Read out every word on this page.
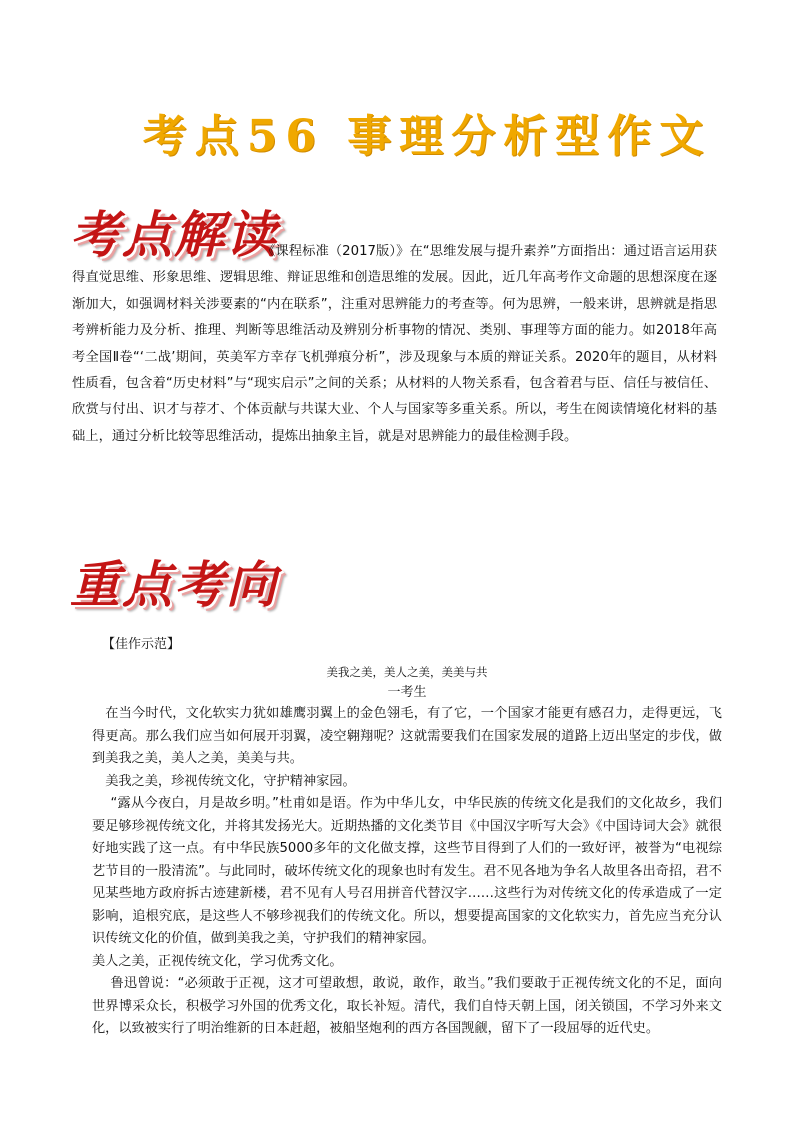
考点56 事理分析型作文
考点解读
《课程标准（2017版）》在“思维发展与提升素养”方面指出：通过语言运用获得直觉思维、形象思维、逻辑思维、辩证思维和创造思维的发展。因此，近几年高考作文命题的思想深度在逐渐加大，如强调材料关涉要素的“内在联系”，注重对思辨能力的考查等。何为思辨，一般来讲，思辨就是指思考辨析能力及分析、推理、判断等思维活动及辨别分析事物的情况、类别、事理等方面的能力。如2018年高考全国Ⅱ卷“‘二战’期间，英美军方幸存飞机弹痕分析”，涉及现象与本质的辩证关系。2020年的题目，从材料性质看，包含着“历史材料”与“现实启示”之间的关系；从材料的人物关系看，包含着君与臣、信任与被信任、欣赏与付出、识才与荐才、个体贡献与共谋大业、个人与国家等多重关系。所以，考生在阅读情境化材料的基础上，通过分析比较等思维活动，提炼出抽象主旨，就是对思辨能力的最佳检测手段。
重点考向
【佳作示范】
美我之美，美人之美，美美与共
一考生

在当今时代，文化软实力犹如雄鹰羽翼上的金色翎毛，有了它，一个国家才能更有感召力，走得更远，飞得更高。那么我们应当如何展开羽翼，凌空翱翔呢？这就需要我们在国家发展的道路上迈出坚定的步伐，做到美我之美，美人之美，美美与共。

美我之美，珍视传统文化，守护精神家园。

“露从今夜白，月是故乡明。”杜甫如是语。作为中华儿女，中华民族的传统文化是我们的文化故乡，我们要足够珍视传统文化，并将其发扬光大。近期热播的文化类节目《中国汉字听写大会》《中国诗词大会》就很好地实践了这一点。有中华民族5000多年的文化做支撑，这些节目得到了人们的一致好评，被誉为“电视综艺节目的一股清流”。与此同时，破坏传统文化的现象也时有发生。君不见各地为争名人故里各出奇招，君不见某些地方政府拆古迹建新楼，君不见有人号召用拼音代替汉字……这些行为对传统文化的传承造成了一定影响，追根究底，是这些人不够珍视我们的传统文化。所以，想要提高国家的文化软实力，首先应当充分认识传统文化的价值，做到美我之美，守护我们的精神家园。

美人之美，正视传统文化，学习优秀文化。

鲁迅曾说：“必须敢于正视，这才可望敢想，敢说，敢作，敢当。”我们要敢于正视传统文化的不足，面向世界博采众长，积极学习外国的优秀文化，取长补短。清代，我们自恃天朝上国，闭关锁国，不学习外来文化，以致被实行了明治维新的日本赶超，被船坚炮利的西方各国觊觎，留下了一段屈辱的近代史。
